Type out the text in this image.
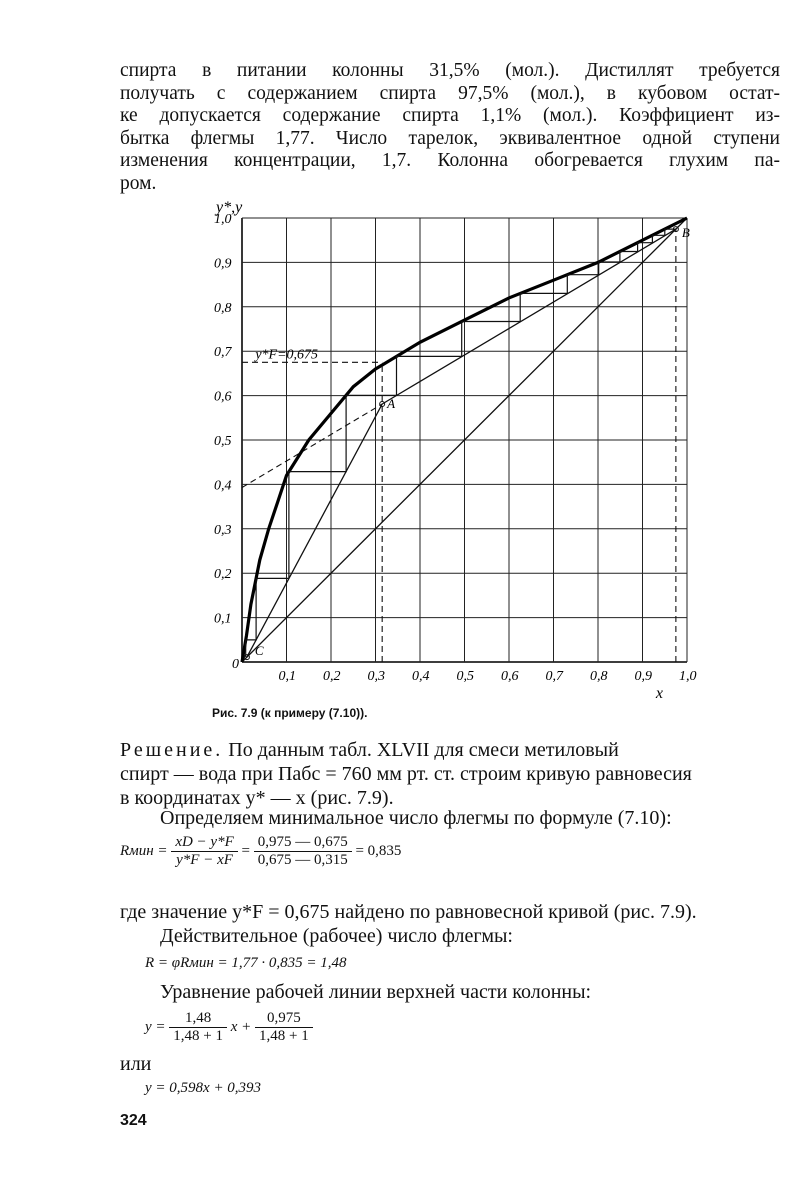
спирта в питании колонны 31,5% (мол.). Дистиллят требуется
получать с содержанием спирта 97,5% (мол.), в кубовом остат-
ке допускается содержание спирта 1,1% (мол.). Коэффициент из-
бытка флегмы 1,77. Число тарелок, эквивалентное одной ступени
изменения концентрации, 1,7. Колонна обогревается глухим па-
ром.
0,1 0,2 0,3 0,4 0,5 0,6 0,7 0,8 0,9 1,0
1,0
0,9
0,8
0,7
0,6
0,5
0,4
0,3
0,2
0,1
0
y*,y
x
y*F=0,675
A
B
C
Рис. 7.9 (к примеру (7.10)).
Решение. По данным табл. XLVII для смеси метиловый
спирт — вода при Пабс = 760 мм рт. ст. строим кривую равновесия
в координатах y* — x (рис. 7.9).
Определяем минимальное число флегмы по формуле (7.10):
Rмин = $\frac{xD - y*F}{y*F - xF} = \frac{0,975 — 0,675}{0,675 — 0,315} = 0,835$
где значение y*F = 0,675 найдено по равновесной кривой (рис. 7.9).
Действительное (рабочее) число флегмы:
R = φRмин = 1,77 · 0,835 = 1,48
Уравнение рабочей линии верхней части колонны:
$y = \frac{1,48}{1,48 + 1}$ $x + \frac{0,975}{1,48 + 1}$
или
y = 0,598x + 0,393
324
